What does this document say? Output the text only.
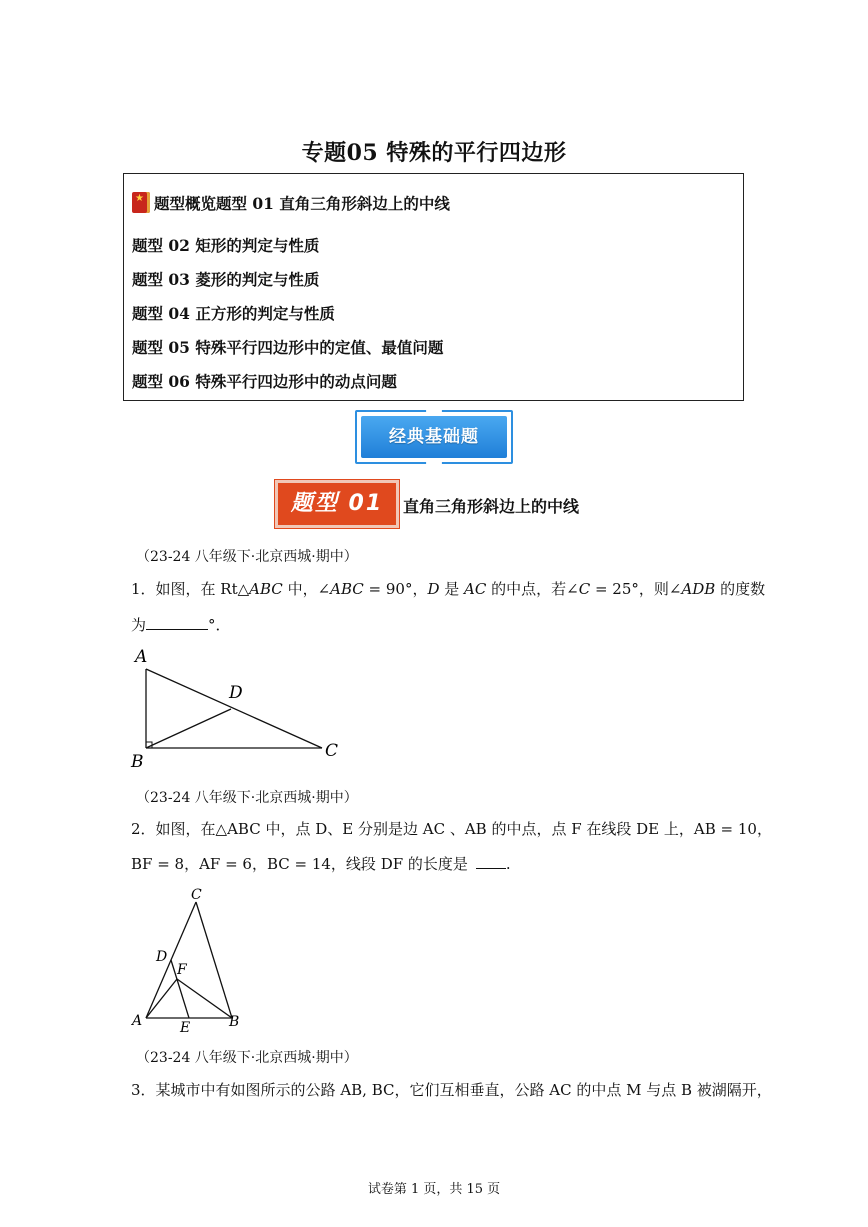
专题05 特殊的平行四边形
★ 题型概览题型 01 直角三角形斜边上的中线
题型 02 矩形的判定与性质
题型 03 菱形的判定与性质
题型 04 正方形的判定与性质
题型 05 特殊平行四边形中的定值、最值问题
题型 06 特殊平行四边形中的动点问题
经典基础题
题型 01	直角三角形斜边上的中线
（23-24 八年级下·北京西城·期中）
1．如图，在 Rt△ABC 中，∠ABC = 90°，D 是 AC 的中点，若∠C = 25°，则∠ADB 的度数
为	°．
A
D
C
B
（23-24 八年级下·北京西城·期中）
2．如图，在△ABC 中，点 D、E 分别是边 AC 、AB 的中点，点 F 在线段 DE 上，AB = 10，
BF = 8，AF = 6，BC = 14，线段 DF 的长度是	.
C
D
F
A	E	B
（23-24 八年级下·北京西城·期中）
3．某城市中有如图所示的公路 AB, BC，它们互相垂直，公路 AC 的中点 M 与点 B 被湖隔开，
试卷第 1 页，共 15 页
